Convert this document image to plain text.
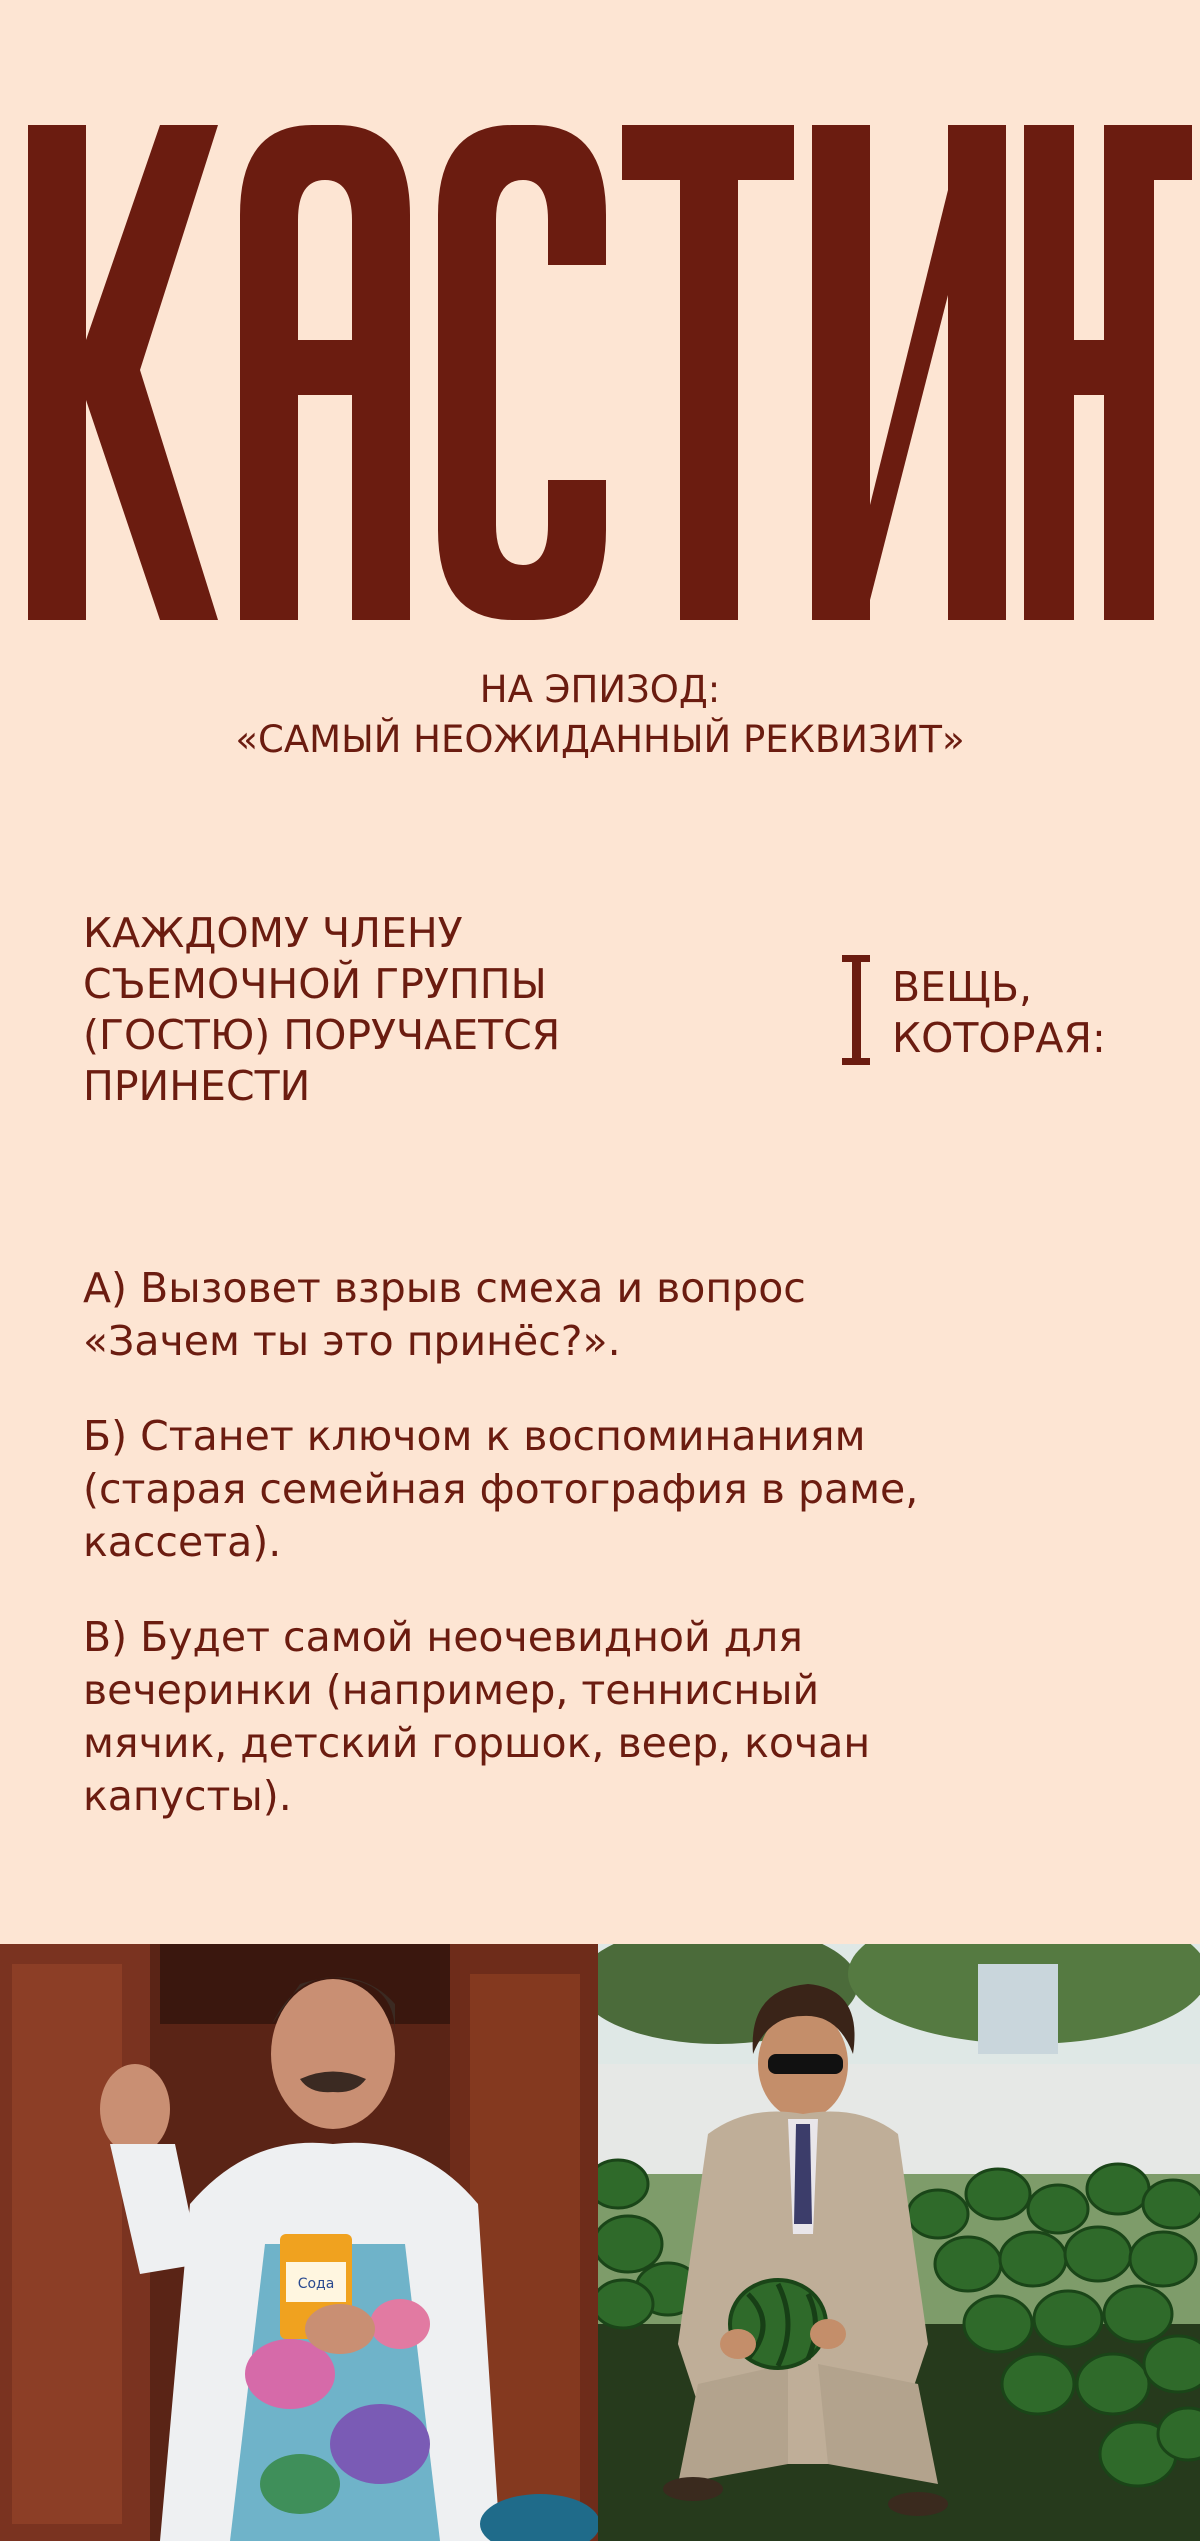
НА ЭПИЗОД:
«САМЫЙ НЕОЖИДАННЫЙ РЕКВИЗИТ»
КАЖДОМУ ЧЛЕНУ
СЪЕМОЧНОЙ ГРУППЫ
(ГОСТЮ) ПОРУЧАЕТСЯ
ПРИНЕСТИ
ВЕЩЬ,
КОТОРАЯ:
А) Вызовет взрыв смеха и вопрос
«Зачем ты это принёс?».
Б) Станет ключом к воспоминаниям
(старая семейная фотография в раме,
кассета).
В) Будет самой неочевидной для
вечеринки (например, теннисный
мячик, детский горшок, веер, кочан
капусты).
Сода
